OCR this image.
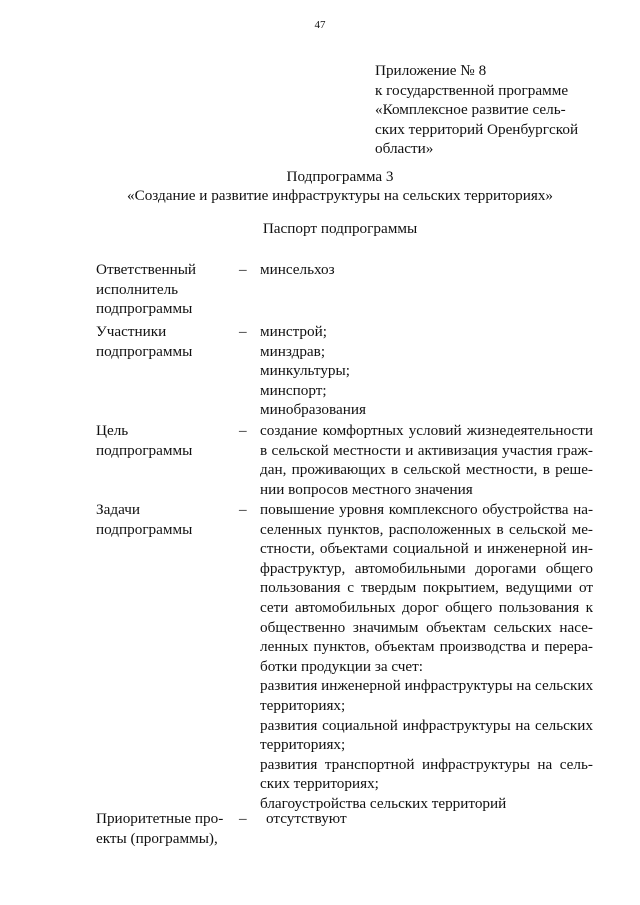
47
Приложение № 8
к государственной программе
«Комплексное развитие сель-
ских территорий Оренбургской
области»
Подпрограмма 3
«Создание и развитие инфраструктуры на сельских территориях»
Паспорт подпрограммы
Ответственный
исполнитель
подпрограммы
– минсельхоз
Участники
подпрограммы
– минстрой;
минздрав;
минкультуры;
минспорт;
минобразования
Цель
подпрограммы
– создание комфортных условий жизнедеятельности
в сельской местности и активизация участия граж-
дан, проживающих в сельской местности, в реше-
нии вопросов местного значения
Задачи
подпрограммы
– повышение уровня комплексного обустройства на-
селенных пунктов, расположенных в сельской ме-
стности, объектами социальной и инженерной ин-
фраструктур, автомобильными дорогами общего
пользования с твердым покрытием, ведущими от
сети автомобильных дорог общего пользования к
общественно значимым объектам сельских насе-
ленных пунктов, объектам производства и перера-
ботки продукции за счет:
развития инженерной инфраструктуры на сельских
территориях;
развития социальной инфраструктуры на сельских
территориях;
развития транспортной инфраструктуры на сель-
ских территориях;
благоустройства сельских территорий
Приоритетные про-
екты (программы),
– отсутствуют
